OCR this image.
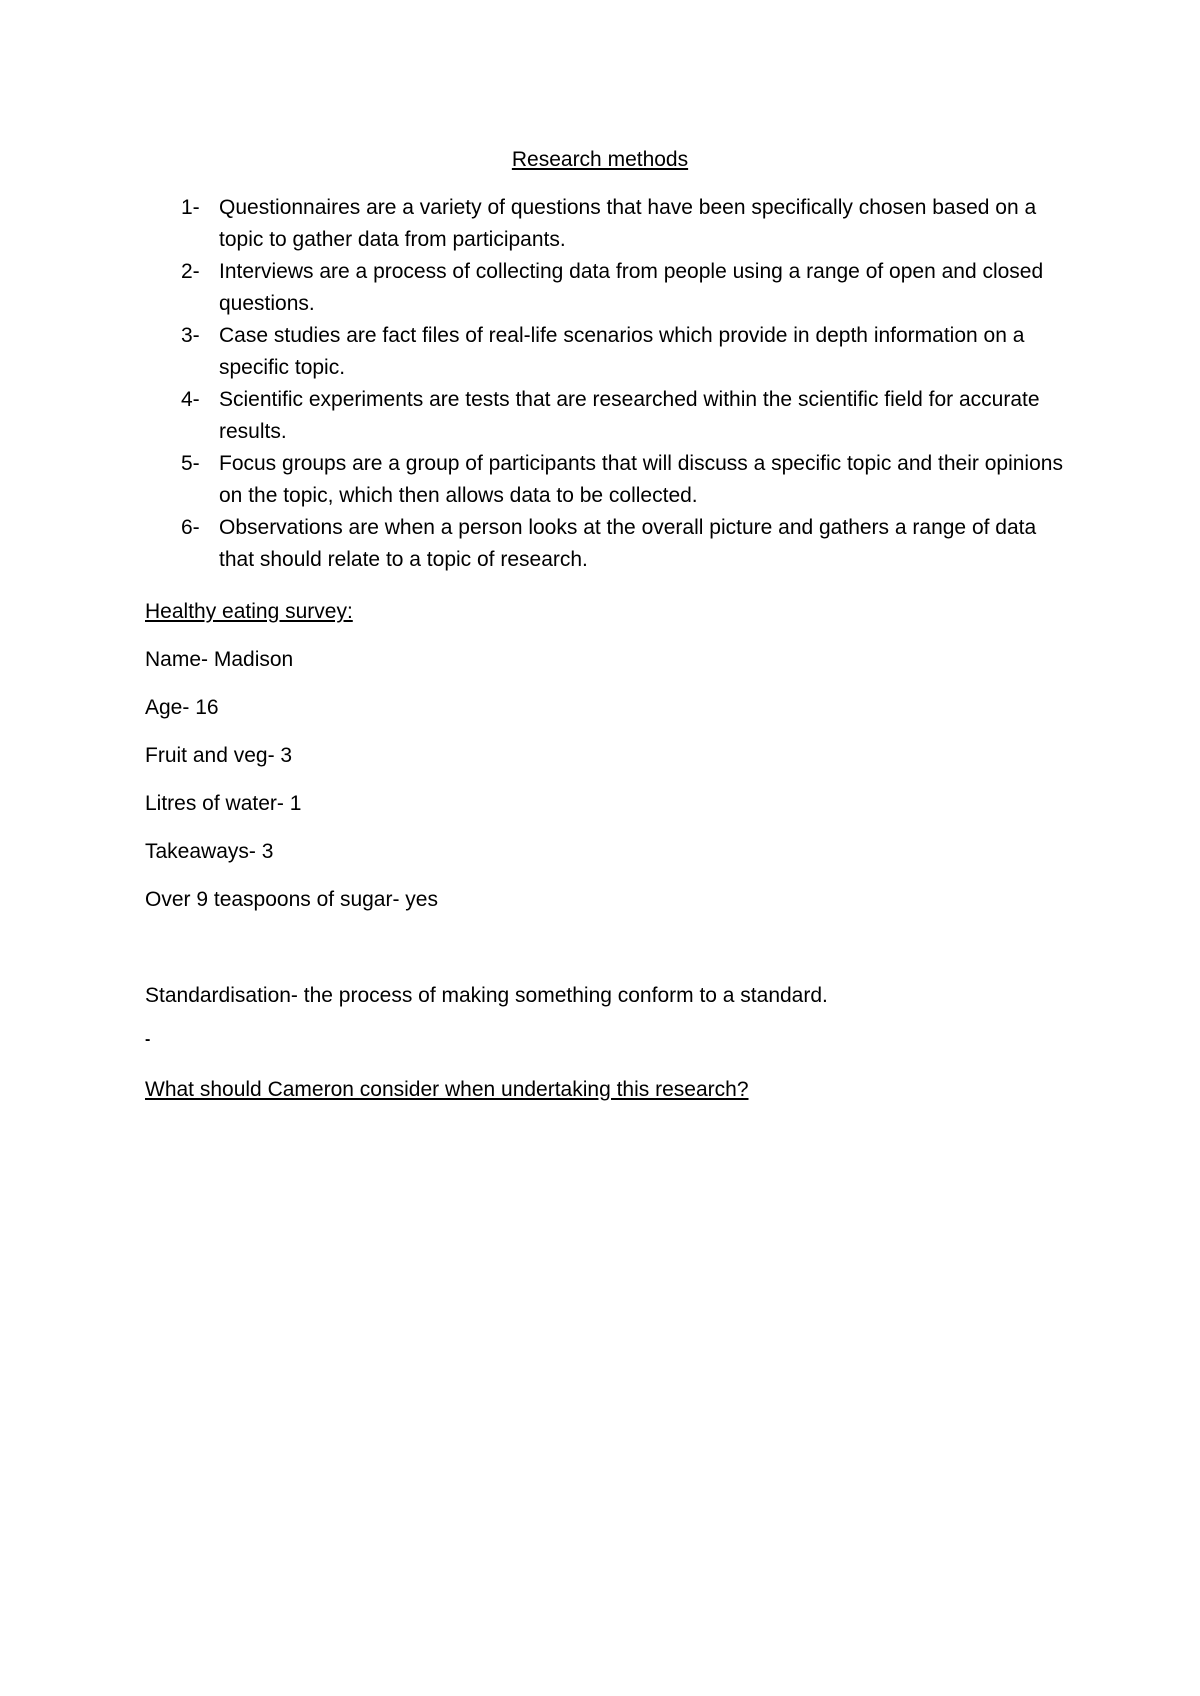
Research methods

1- Questionnaires are a variety of questions that have been specifically chosen based on a topic to gather data from participants.
2- Interviews are a process of collecting data from people using a range of open and closed questions.
3- Case studies are fact files of real-life scenarios which provide in depth information on a specific topic.
4- Scientific experiments are tests that are researched within the scientific field for accurate results.
5- Focus groups are a group of participants that will discuss a specific topic and their opinions on the topic, which then allows data to be collected.
6- Observations are when a person looks at the overall picture and gathers a range of data that should relate to a topic of research.

Healthy eating survey:

Name- Madison

Age- 16

Fruit and veg- 3

Litres of water- 1

Takeaways- 3

Over 9 teaspoons of sugar- yes

Standardisation- the process of making something conform to a standard.

-

What should Cameron consider when undertaking this research?
